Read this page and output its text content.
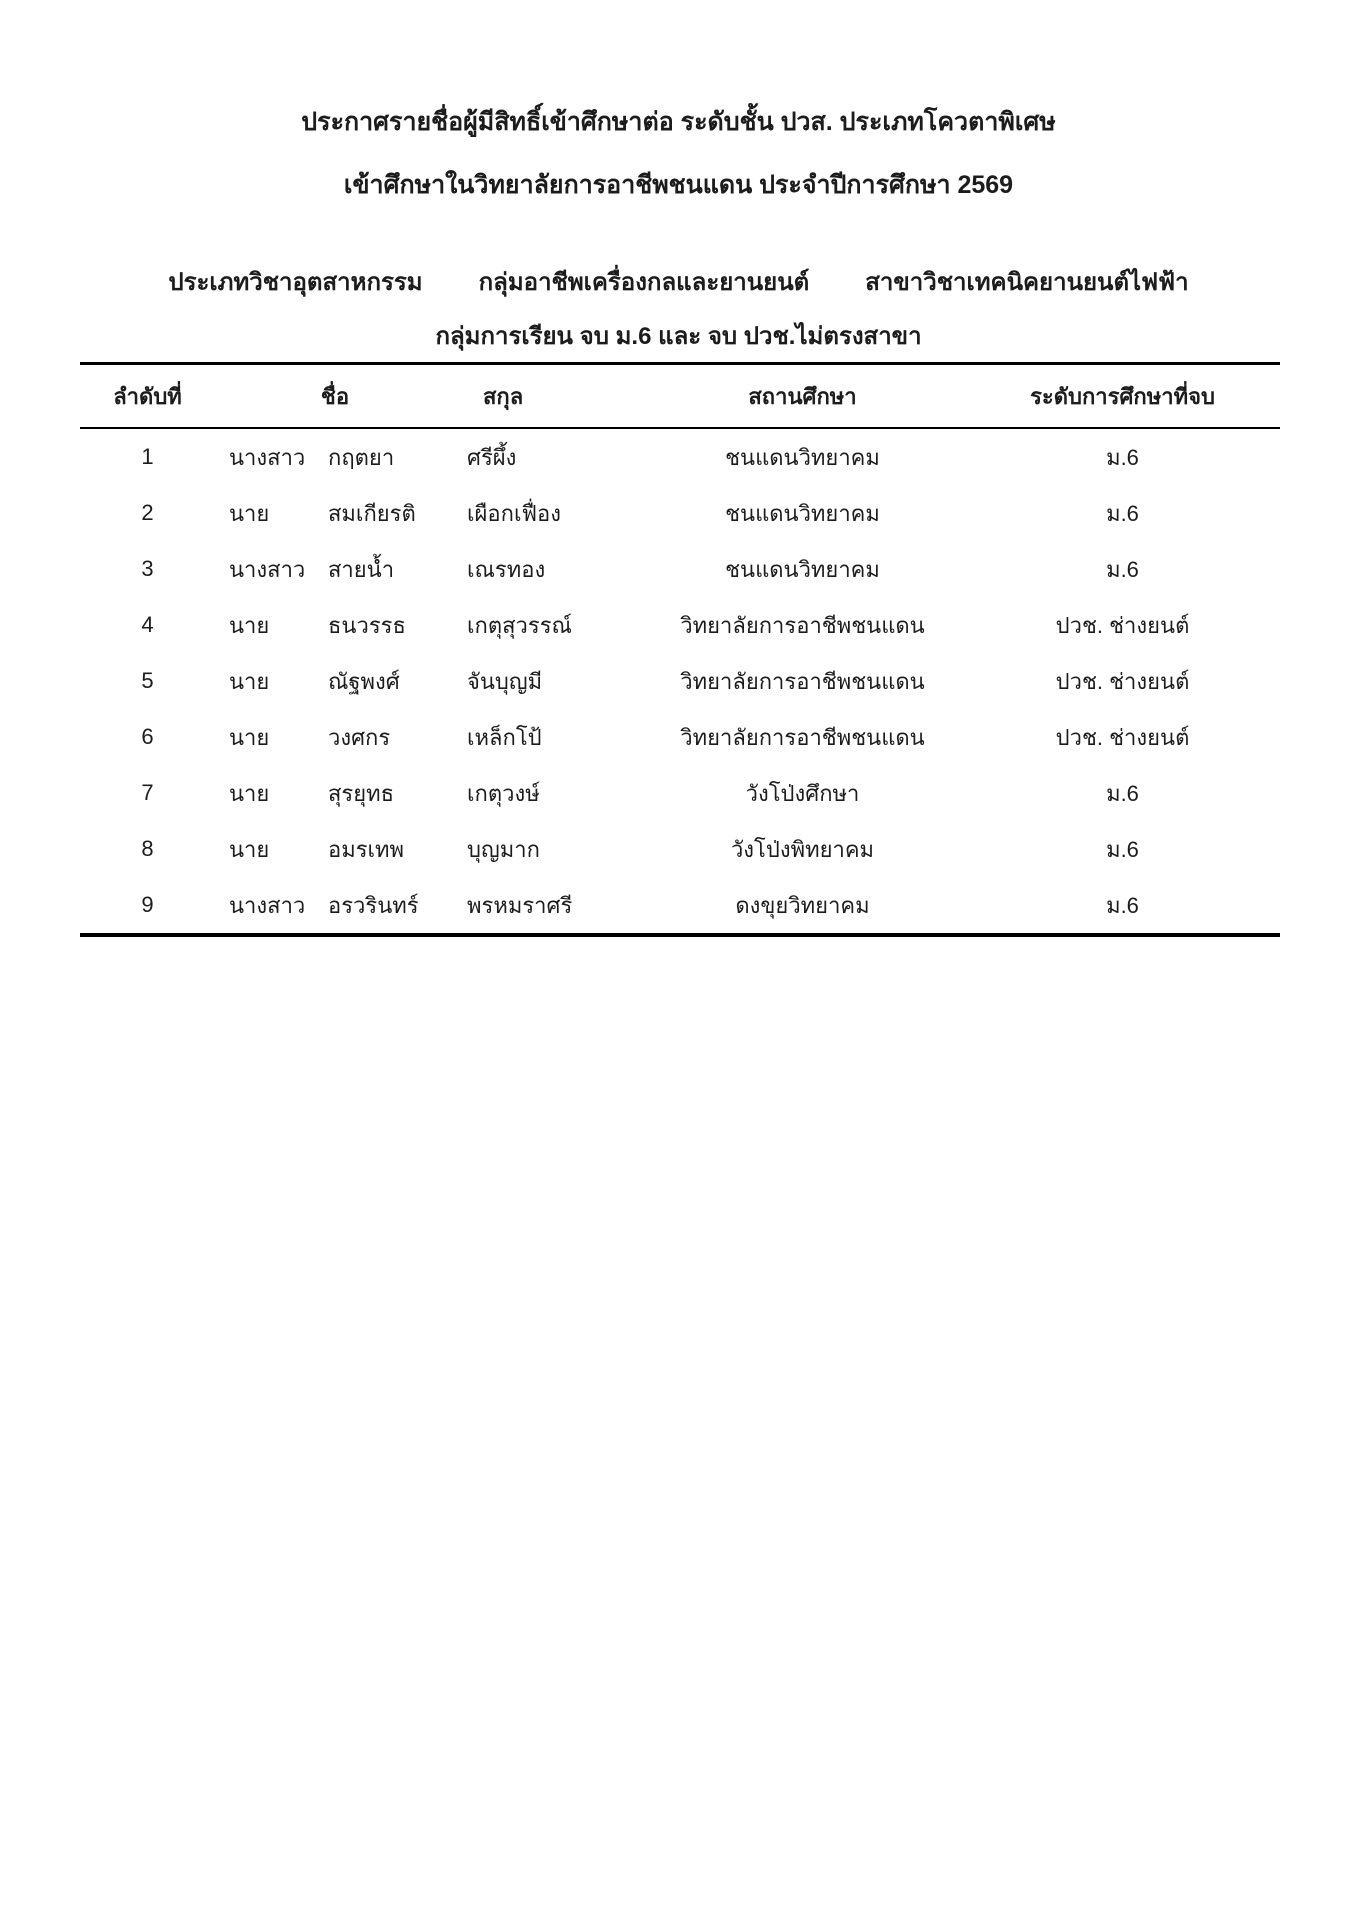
ประกาศรายชื่อผู้มีสิทธิ์เข้าศึกษาต่อ ระดับชั้น ปวส. ประเภทโควตาพิเศษ
เข้าศึกษาในวิทยาลัยการอาชีพชนแดน ประจำปีการศึกษา 2569
ประเภทวิชาอุตสาหกรรม กลุ่มอาชีพเครื่องกลและยานยนต์ สาขาวิชาเทคนิคยานยนต์ไฟฟ้า
กลุ่มการเรียน จบ ม.6 และ จบ ปวช.ไม่ตรงสาขา
ลำดับที่	ชื่อ		สกุล	สถานศึกษา	ระดับการศึกษาที่จบ
1	นางสาว	กฤตยา	ศรีผึ้ง	ชนแดนวิทยาคม	ม.6
2	นาย	สมเกียรติ	เผือกเฟื่อง	ชนแดนวิทยาคม	ม.6
3	นางสาว	สายน้ำ	เณรทอง	ชนแดนวิทยาคม	ม.6
4	นาย	ธนวรรธ	เกตุสุวรรณ์	วิทยาลัยการอาชีพชนแดน	ปวช. ช่างยนต์
5	นาย	ณัฐพงศ์	จันบุญมี	วิทยาลัยการอาชีพชนแดน	ปวช. ช่างยนต์
6	นาย	วงศกร	เหล็กโป้	วิทยาลัยการอาชีพชนแดน	ปวช. ช่างยนต์
7	นาย	สุรยุทธ	เกตุวงษ์	วังโป่งศึกษา	ม.6
8	นาย	อมรเทพ	บุญมาก	วังโป่งพิทยาคม	ม.6
9	นางสาว	อรวรินทร์	พรหมราศรี	ดงขุยวิทยาคม	ม.6
